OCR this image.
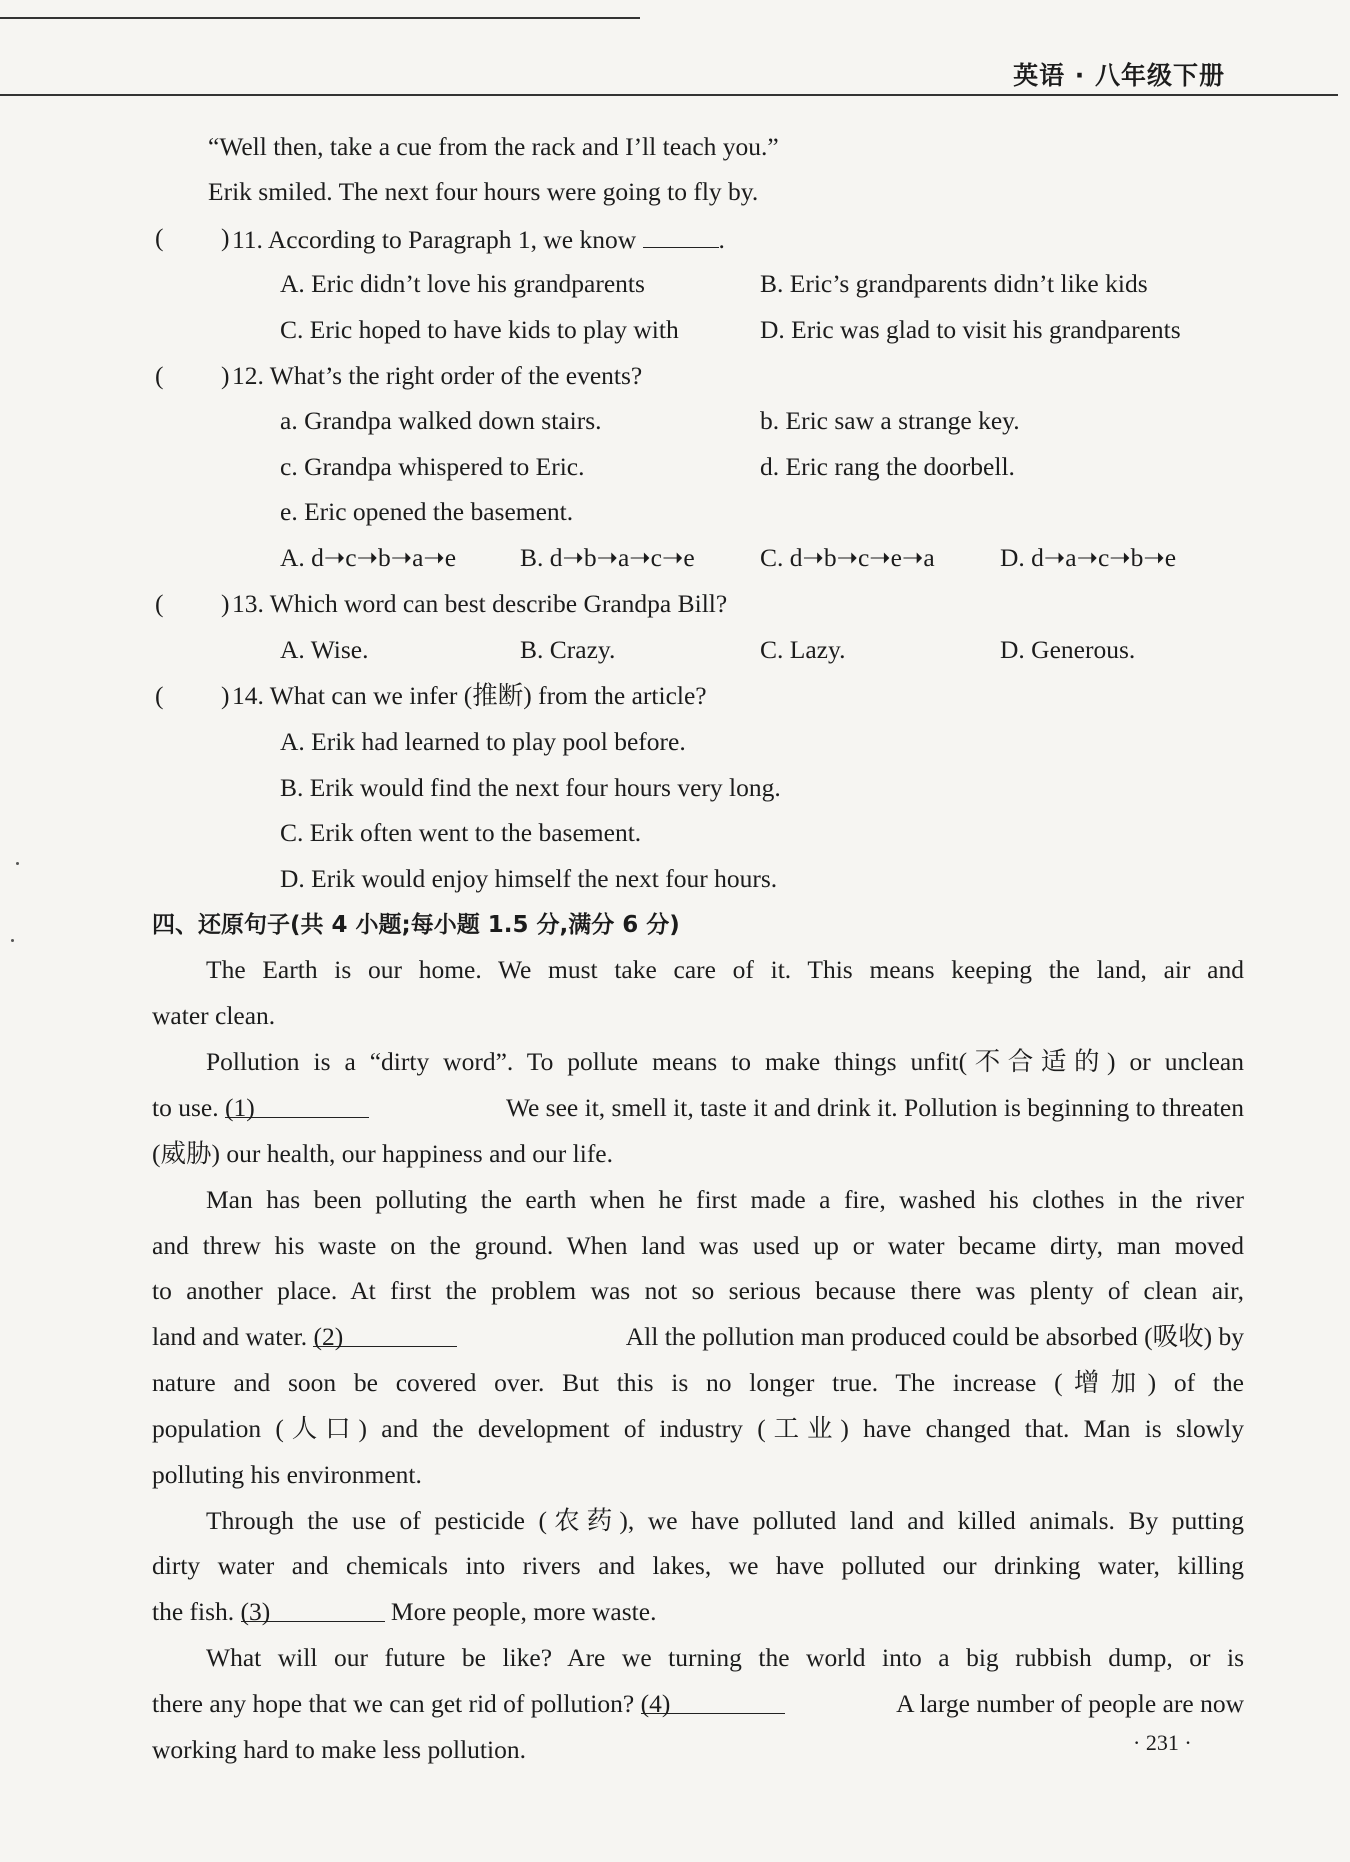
英语 · 八年级下册
“Well then, take a cue from the rack and I’ll teach you.”
Erik smiled. The next four hours were going to fly by.
( ) 11. According to Paragraph 1, we know	.
A. Eric didn’t love his grandparents	B. Eric’s grandparents didn’t like kids
C. Eric hoped to have kids to play with	D. Eric was glad to visit his grandparents
( ) 12. What’s the right order of the events?
a. Grandpa walked down stairs.	b. Eric saw a strange key.
c. Grandpa whispered to Eric.	d. Eric rang the doorbell.
e. Eric opened the basement.
A. d➝c➝b➝a➝e	B. d➝b➝a➝c➝e	C. d➝b➝c➝e➝a	D. d➝a➝c➝b➝e
( ) 13. Which word can best describe Grandpa Bill?
A. Wise.	B. Crazy.	C. Lazy.	D. Generous.
( ) 14. What can we infer (推断) from the article?
A. Erik had learned to play pool before.
B. Erik would find the next four hours very long.
C. Erik often went to the basement.
D. Erik would enjoy himself the next four hours.
四、还原句子(共 4 小题;每小题 1.5 分,满分 6 分)
The Earth is our home. We must take care of it. This means keeping the land, air and
water clean.
Pollution is a “dirty word”. To pollute means to make things unfit(不合适的) or unclean
to use. (1)	We see it, smell it, taste it and drink it. Pollution is beginning to threaten
(威胁) our health, our happiness and our life.
Man has been polluting the earth when he first made a fire, washed his clothes in the river
and threw his waste on the ground. When land was used up or water became dirty, man moved
to another place. At first the problem was not so serious because there was plenty of clean air,
land and water. (2)	All the pollution man produced could be absorbed (吸收) by
nature and soon be covered over. But this is no longer true. The increase (增加) of the
population (人口) and the development of industry (工业) have changed that. Man is slowly
polluting his environment.
Through the use of pesticide (农药), we have polluted land and killed animals. By putting
dirty water and chemicals into rivers and lakes, we have polluted our drinking water, killing
the fish. (3)	More people, more waste.
What will our future be like? Are we turning the world into a big rubbish dump, or is
there any hope that we can get rid of pollution? (4)	A large number of people are now
working hard to make less pollution.	· 231 ·
